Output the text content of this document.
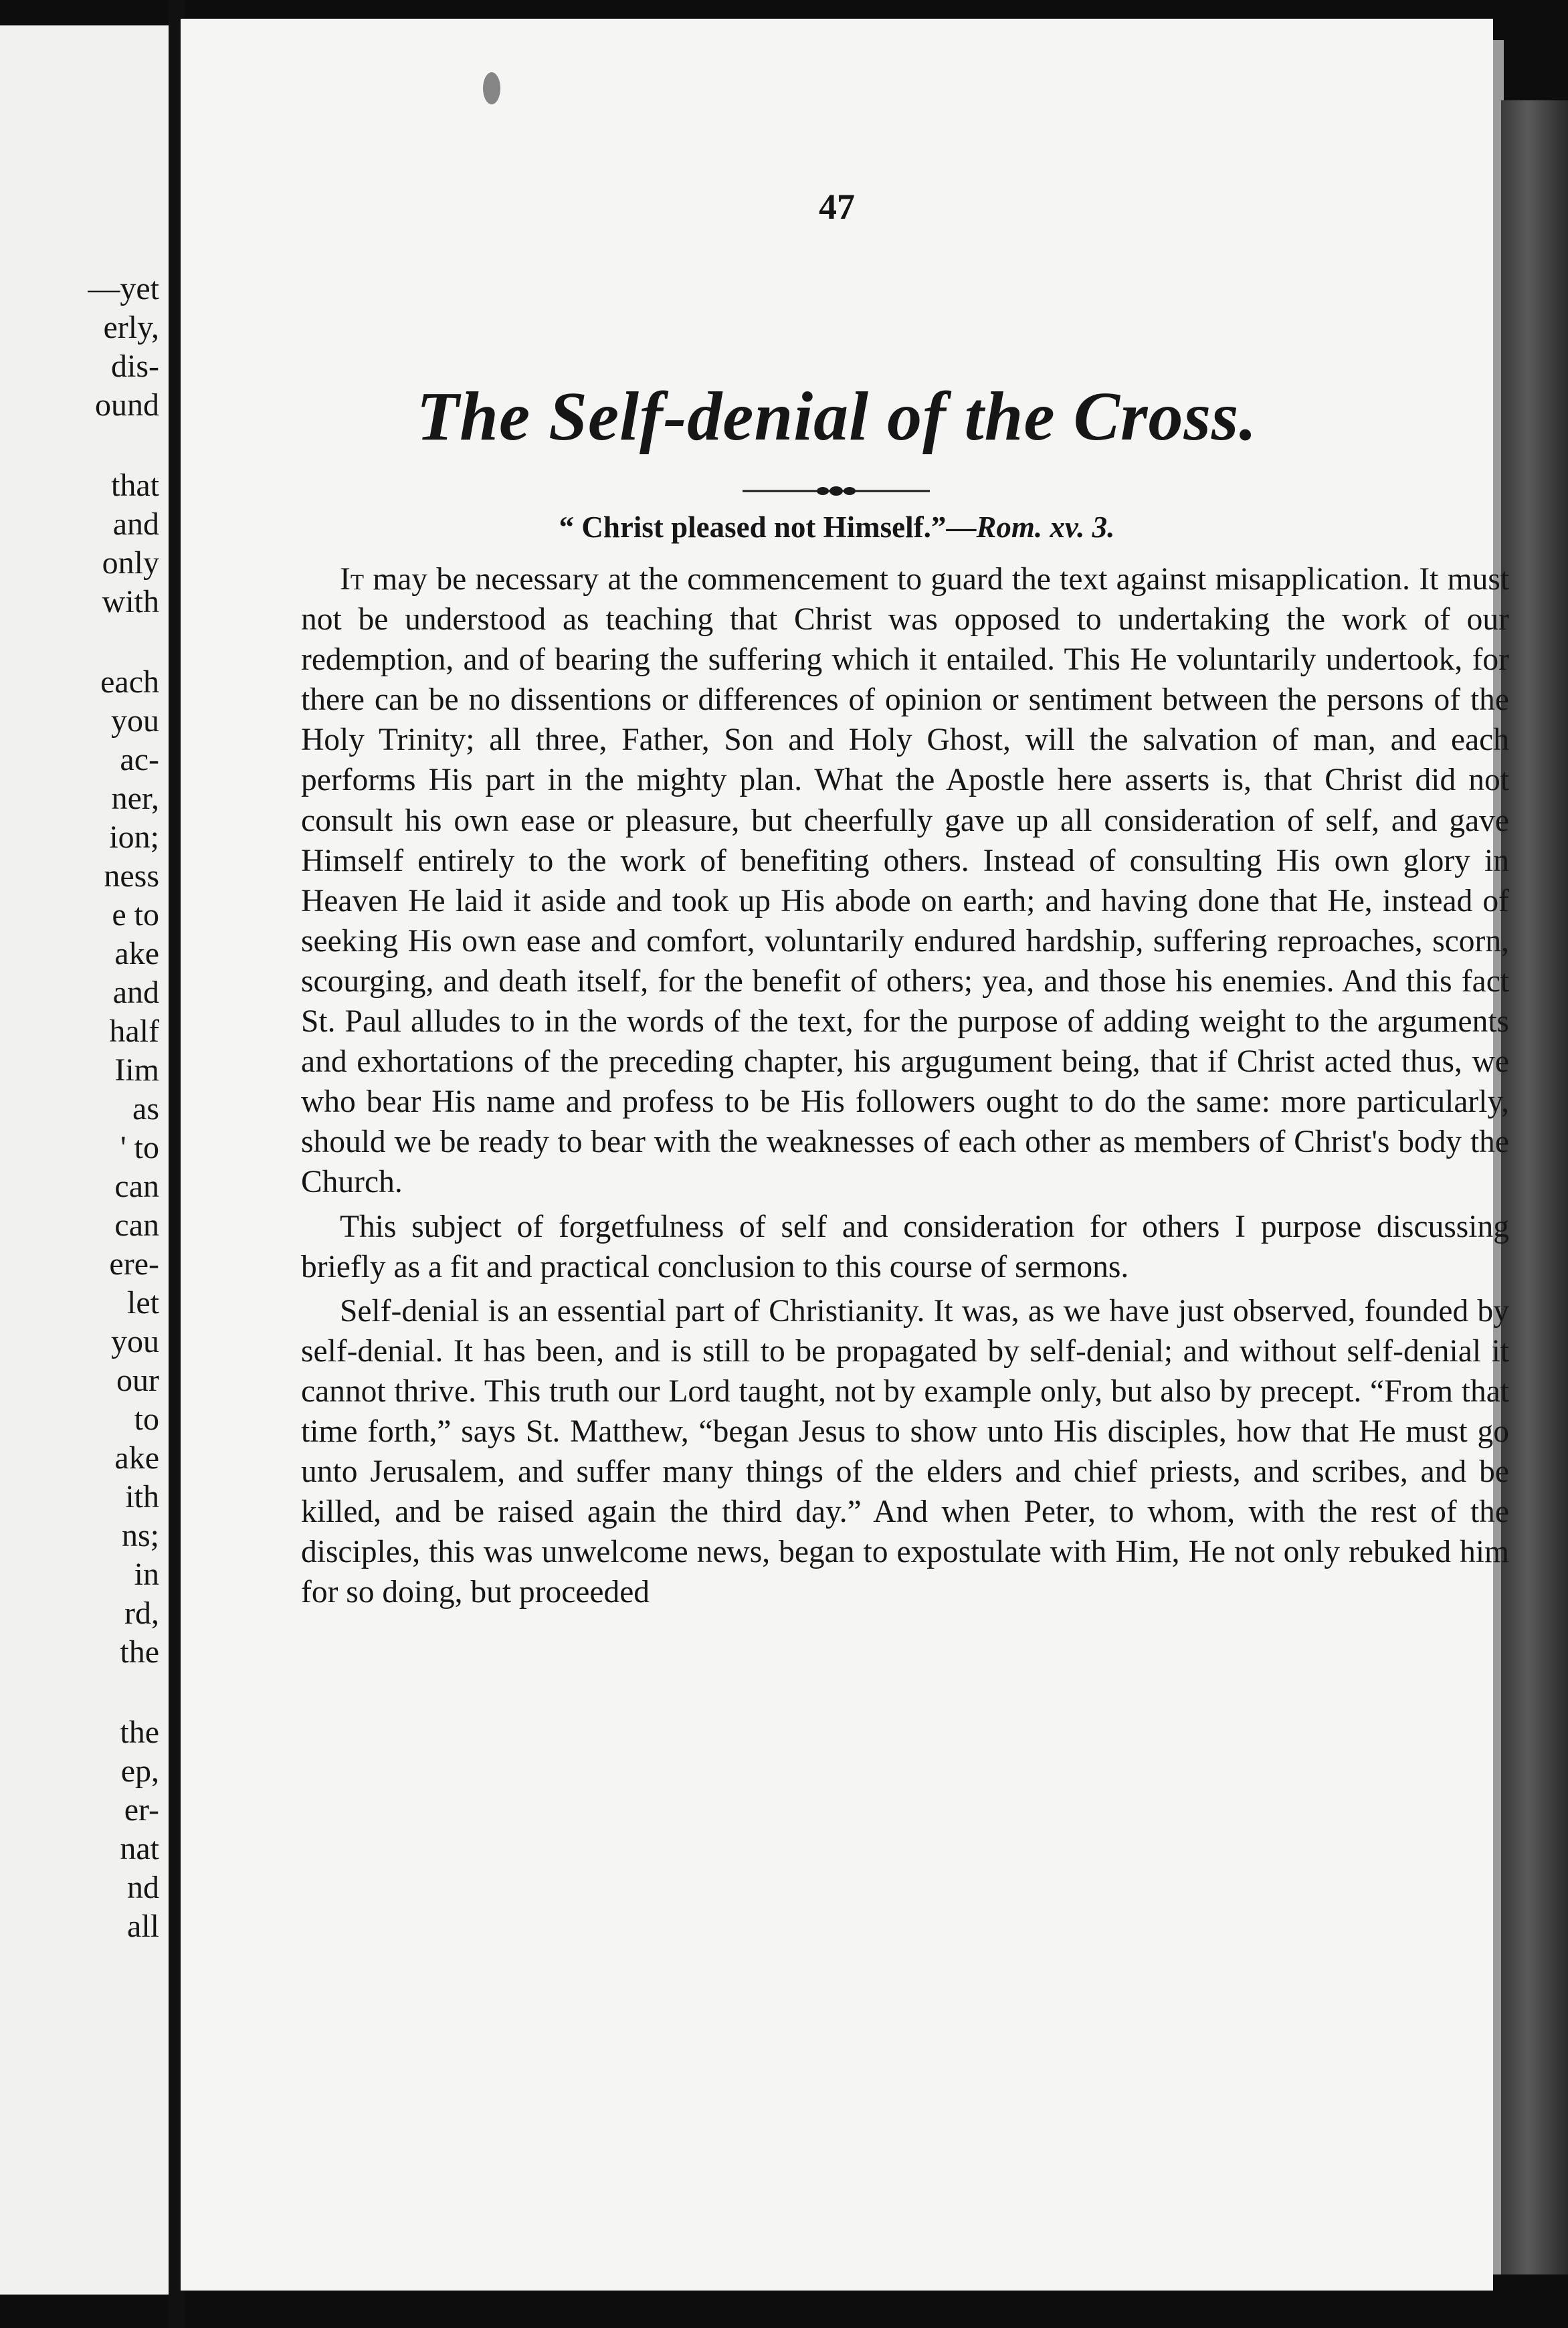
—yet
erly,
dis-
ound
that
and
only
with
each
you
ac-
ner,
ion;
ness
e to
ake
and
half
Iim
as
' to
can
can
ere-
let
you
our
to
ake
ith
ns;
in
rd,
the
the
ep,
er-
nat
nd
all
47
The Self-denial of the Cross.
“ Christ pleased not Himself.”—Rom. xv. 3.

It may be necessary at the commencement to guard the text against misapplication. It must not be understood as teaching that Christ was opposed to undertaking the work of our redemption, and of bearing the suffering which it entailed. This He voluntarily undertook, for there can be no dissentions or differences of opinion or sentiment between the persons of the Holy Trinity; all three, Father, Son and Holy Ghost, will the salvation of man, and each performs His part in the mighty plan. What the Apostle here asserts is, that Christ did not consult his own ease or pleasure, but cheerfully gave up all consideration of self, and gave Himself entirely to the work of benefiting others. Instead of consulting His own glory in Heaven He laid it aside and took up His abode on earth; and having done that He, instead of seeking His own ease and comfort, voluntarily endured hardship, suffering reproaches, scorn, scourging, and death itself, for the benefit of others; yea, and those his enemies. And this fact St. Paul alludes to in the words of the text, for the purpose of adding weight to the arguments and exhortations of the preceding chapter, his argugument being, that if Christ acted thus, we who bear His name and profess to be His followers ought to do the same: more particularly, should we be ready to bear with the weaknesses of each other as members of Christ's body the Church.

This subject of forgetfulness of self and consideration for others I purpose discussing briefly as a fit and practical conclusion to this course of sermons.

Self-denial is an essential part of Christianity. It was, as we have just observed, founded by self-denial. It has been, and is still to be propagated by self-denial; and without self-denial it cannot thrive. This truth our Lord taught, not by example only, but also by precept. “From that time forth,” says St. Matthew, “began Jesus to show unto His disciples, how that He must go unto Jerusalem, and suffer many things of the elders and chief priests, and scribes, and be killed, and be raised again the third day.” And when Peter, to whom, with the rest of the disciples, this was unwelcome news, began to expostulate with Him, He not only rebuked him for so doing, but proceeded
